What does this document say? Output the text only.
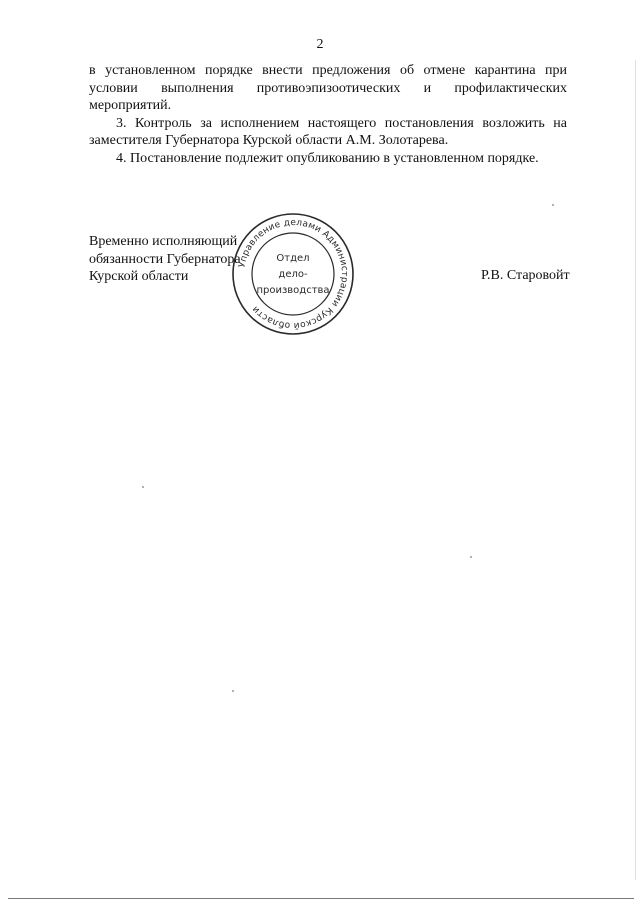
2

в установленном порядке внести предложения об отмене карантина при условии выполнения противоэпизоотических и профилактических мероприятий.

3. Контроль за исполнением настоящего постановления возложить на заместителя Губернатора Курской области А.М. Золотарева.

4. Постановление подлежит опубликованию в установленном порядке.

Временно исполняющий
обязанности Губернатора
Курской области	Р.В. Старовойт
Управление делами Администрации Курской области
Отдел
дело-
производства
